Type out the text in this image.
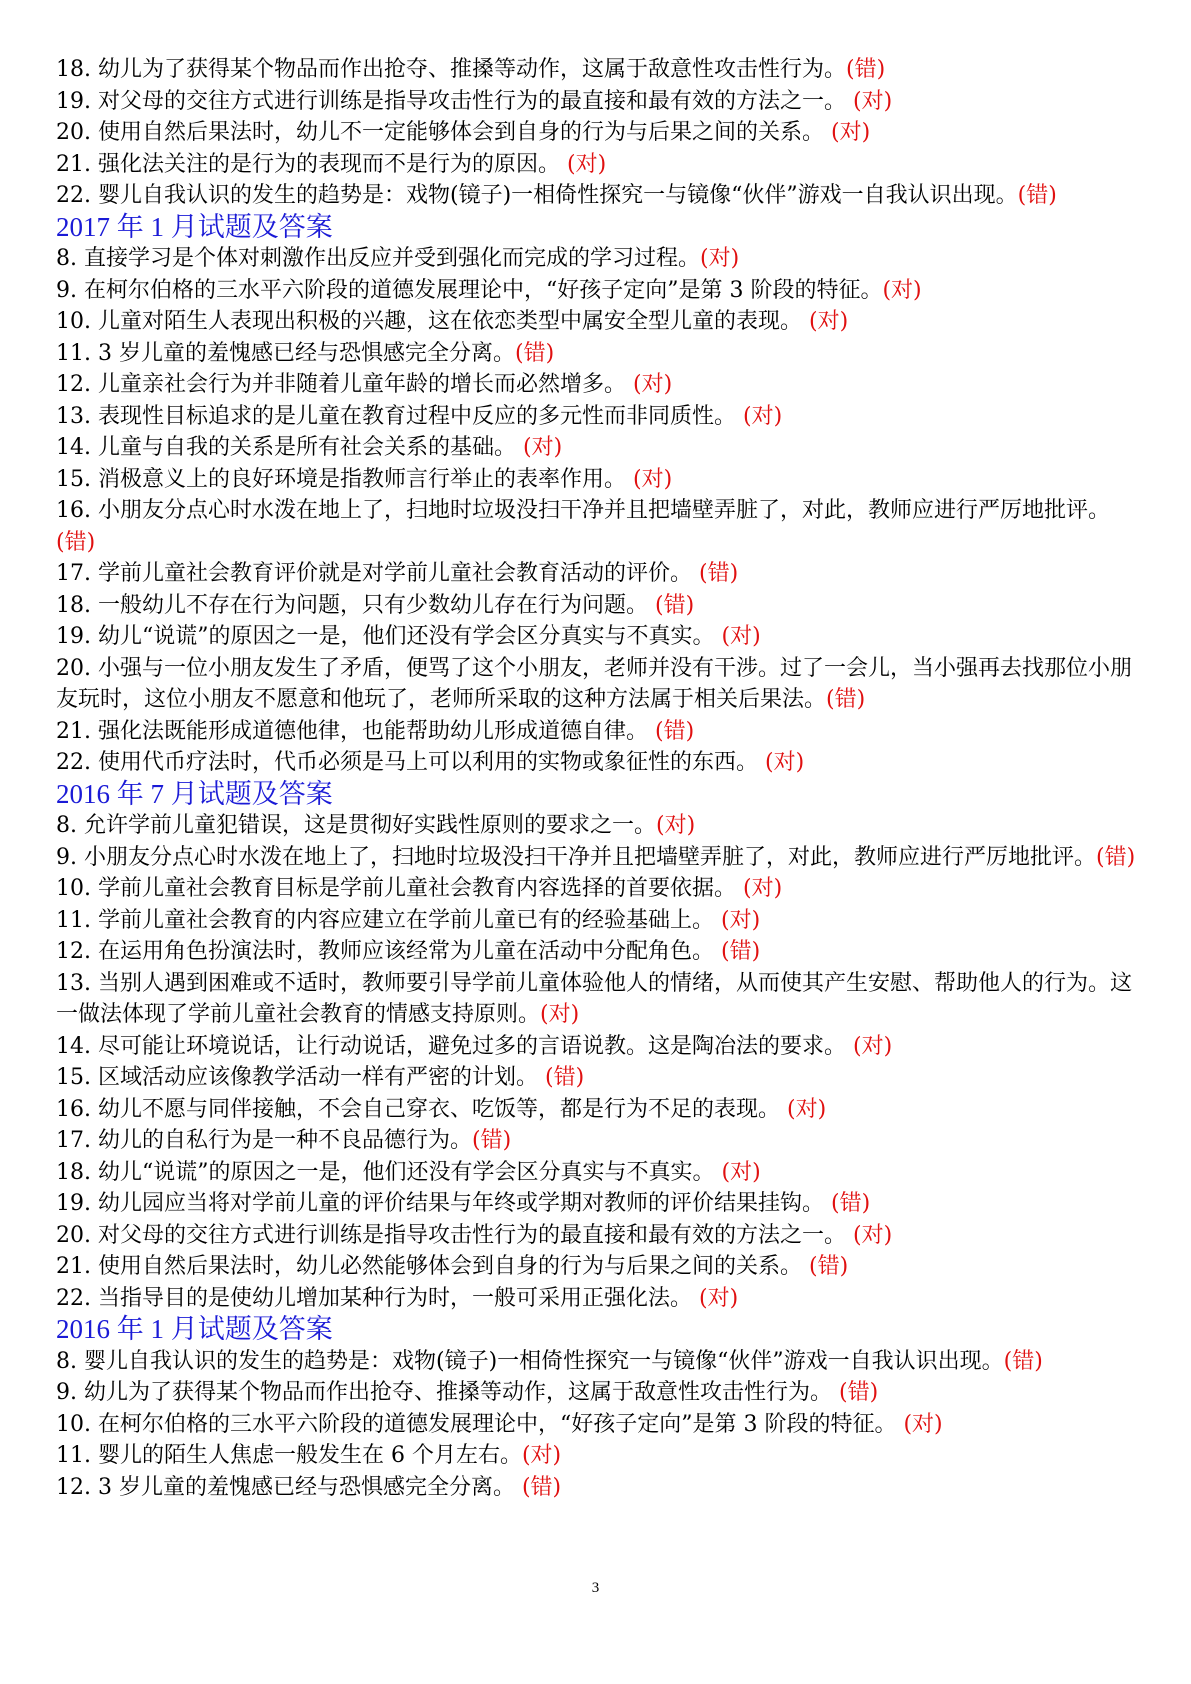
18. 幼儿为了获得某个物品而作出抢夺、推搡等动作，这属于敌意性攻击性行为。(错)
19. 对父母的交往方式进行训练是指导攻击性行为的最直接和最有效的方法之一。 (对)
20. 使用自然后果法时，幼儿不一定能够体会到自身的行为与后果之间的关系。 (对)
21. 强化法关注的是行为的表现而不是行为的原因。 (对)
22. 婴儿自我认识的发生的趋势是：戏物(镜子)一相倚性探究一与镜像“伙伴”游戏一自我认识出现。(错)
2017 年 1 月试题及答案
8. 直接学习是个体对刺激作出反应并受到强化而完成的学习过程。(对)
9. 在柯尔伯格的三水平六阶段的道德发展理论中，“好孩子定向”是第 3 阶段的特征。(对)
10. 儿童对陌生人表现出积极的兴趣，这在依恋类型中属安全型儿童的表现。 (对)
11. 3 岁儿童的羞愧感已经与恐惧感完全分离。(错)
12. 儿童亲社会行为并非随着儿童年龄的增长而必然增多。 (对)
13. 表现性目标追求的是儿童在教育过程中反应的多元性而非同质性。 (对)
14. 儿童与自我的关系是所有社会关系的基础。 (对)
15. 消极意义上的良好环境是指教师言行举止的表率作用。 (对)
16. 小朋友分点心时水泼在地上了，扫地时垃圾没扫干净并且把墙壁弄脏了，对此，教师应进行严厉地批评。(错)
17. 学前儿童社会教育评价就是对学前儿童社会教育活动的评价。 (错)
18. 一般幼儿不存在行为问题，只有少数幼儿存在行为问题。 (错)
19. 幼儿“说谎”的原因之一是，他们还没有学会区分真实与不真实。 (对)
20. 小强与一位小朋友发生了矛盾，便骂了这个小朋友，老师并没有干涉。过了一会儿，当小强再去找那位小朋友玩时，这位小朋友不愿意和他玩了，老师所采取的这种方法属于相关后果法。(错)
21. 强化法既能形成道德他律，也能帮助幼儿形成道德自律。 (错)
22. 使用代币疗法时，代币必须是马上可以利用的实物或象征性的东西。 (对)
2016 年 7 月试题及答案
8. 允许学前儿童犯错误，这是贯彻好实践性原则的要求之一。(对)
9. 小朋友分点心时水泼在地上了，扫地时垃圾没扫干净并且把墙壁弄脏了，对此，教师应进行严厉地批评。(错)
10. 学前儿童社会教育目标是学前儿童社会教育内容选择的首要依据。 (对)
11. 学前儿童社会教育的内容应建立在学前儿童已有的经验基础上。 (对)
12. 在运用角色扮演法时，教师应该经常为儿童在活动中分配角色。 (错)
13. 当别人遇到困难或不适时，教师要引导学前儿童体验他人的情绪，从而使其产生安慰、帮助他人的行为。这一做法体现了学前儿童社会教育的情感支持原则。(对)
14. 尽可能让环境说话，让行动说话，避免过多的言语说教。这是陶冶法的要求。 (对)
15. 区域活动应该像教学活动一样有严密的计划。 (错)
16. 幼儿不愿与同伴接触，不会自己穿衣、吃饭等，都是行为不足的表现。 (对)
17. 幼儿的自私行为是一种不良品德行为。(错)
18. 幼儿“说谎”的原因之一是，他们还没有学会区分真实与不真实。 (对)
19. 幼儿园应当将对学前儿童的评价结果与年终或学期对教师的评价结果挂钩。 (错)
20. 对父母的交往方式进行训练是指导攻击性行为的最直接和最有效的方法之一。 (对)
21. 使用自然后果法时，幼儿必然能够体会到自身的行为与后果之间的关系。 (错)
22. 当指导目的是使幼儿增加某种行为时，一般可采用正强化法。 (对)
2016 年 1 月试题及答案
8. 婴儿自我认识的发生的趋势是：戏物(镜子)一相倚性探究一与镜像“伙伴”游戏一自我认识出现。(错)
9. 幼儿为了获得某个物品而作出抢夺、推搡等动作，这属于敌意性攻击性行为。 (错)
10. 在柯尔伯格的三水平六阶段的道德发展理论中，“好孩子定向”是第 3 阶段的特征。 (对)
11. 婴儿的陌生人焦虑一般发生在 6 个月左右。(对)
12. 3 岁儿童的羞愧感已经与恐惧感完全分离。 (错)
3
